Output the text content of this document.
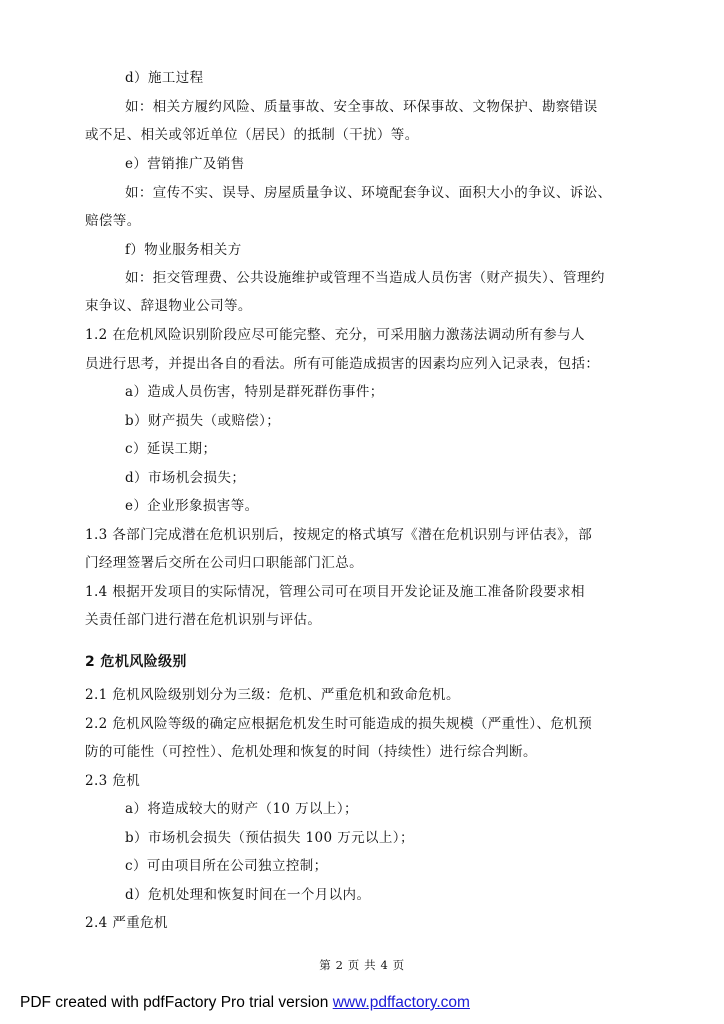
d）施工过程

如：相关方履约风险、质量事故、安全事故、环保事故、文物保护、勘察错误

或不足、相关或邻近单位（居民）的抵制（干扰）等。

e）营销推广及销售

如：宣传不实、误导、房屋质量争议、环境配套争议、面积大小的争议、诉讼、

赔偿等。

f）物业服务相关方

如：拒交管理费、公共设施维护或管理不当造成人员伤害（财产损失）、管理约

束争议、辞退物业公司等。

1.2 在危机风险识别阶段应尽可能完整、充分，可采用脑力激荡法调动所有参与人

员进行思考，并提出各自的看法。所有可能造成损害的因素均应列入记录表，包括：

a）造成人员伤害，特别是群死群伤事件；

b）财产损失（或赔偿）；

c）延误工期；

d）市场机会损失；

e）企业形象损害等。

1.3 各部门完成潜在危机识别后，按规定的格式填写《潜在危机识别与评估表》，部

门经理签署后交所在公司归口职能部门汇总。

1.4 根据开发项目的实际情况，管理公司可在项目开发论证及施工准备阶段要求相

关责任部门进行潜在危机识别与评估。

2 危机风险级别

2.1 危机风险级别划分为三级：危机、严重危机和致命危机。

2.2 危机风险等级的确定应根据危机发生时可能造成的损失规模（严重性）、危机预

防的可能性（可控性）、危机处理和恢复的时间（持续性）进行综合判断。

2.3 危机

a）将造成较大的财产（10 万以上）；

b）市场机会损失（预估损失 100 万元以上）；

c）可由项目所在公司独立控制；

d）危机处理和恢复时间在一个月以内。

2.4 严重危机

第 2 页 共 4 页

PDF created with pdfFactory Pro trial version www.pdffactory.com
